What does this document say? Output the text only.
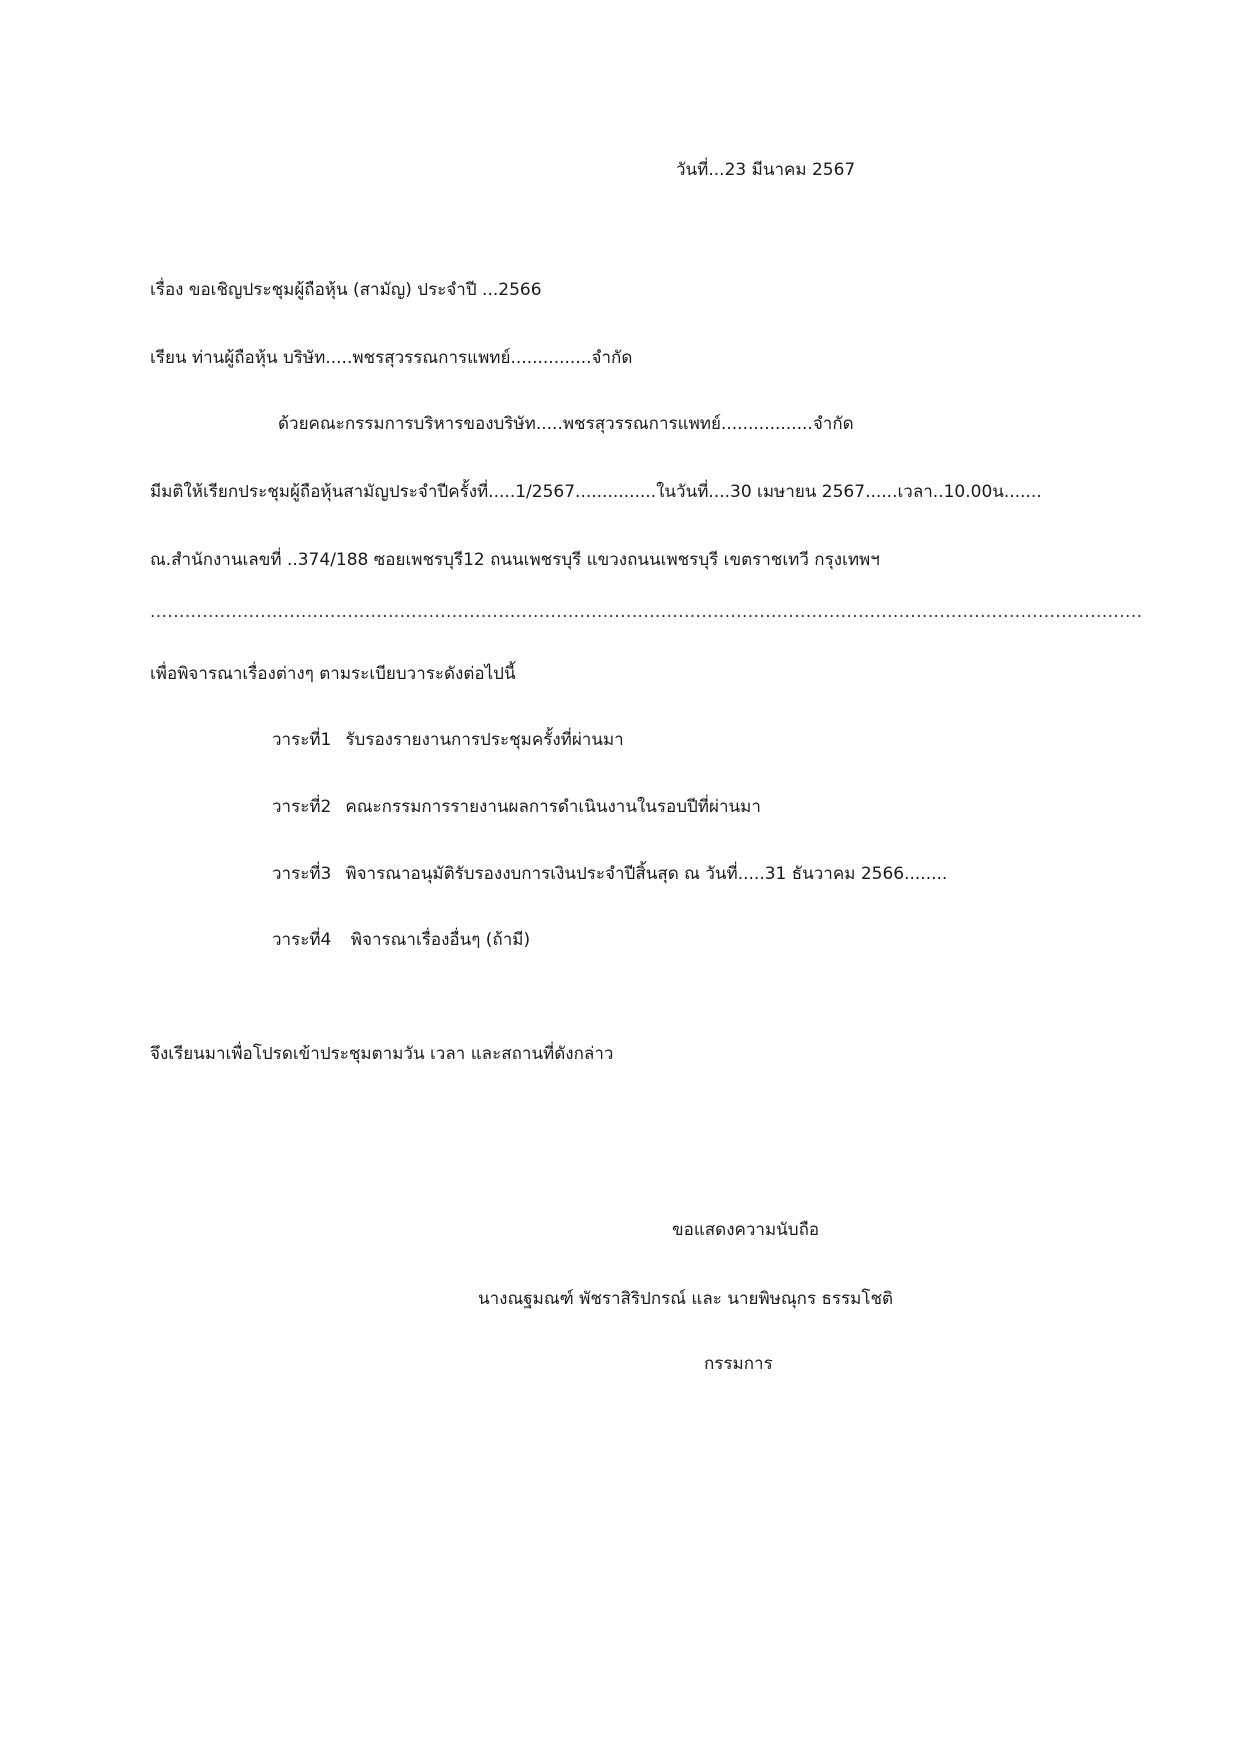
วันที่...23 มีนาคม 2567
เรื่อง ขอเชิญประชุมผู้ถือหุ้น (สามัญ) ประจำปี ...2566
เรียน ท่านผู้ถือหุ้น บริษัท.....พชรสุวรรณการแพทย์...............จำกัด
ด้วยคณะกรรมการบริหารของบริษัท.....พชรสุวรรณการแพทย์.................จำกัด
มีมติให้เรียกประชุมผู้ถือหุ้นสามัญประจำปีครั้งที่.....1/2567...............ในวันที่....30 เมษายน 2567......เวลา..10.00น.......
ณ.สำนักงานเลขที่ ..374/188 ซอยเพชรบุรี12 ถนนเพชรบุรี แขวงถนนเพชรบุรี เขตราชเทวี กรุงเทพฯ
...........................................................................................................................................................................
เพื่อพิจารณาเรื่องต่างๆ ตามระเบียบวาระดังต่อไปนี้
วาระที่1 รับรองรายงานการประชุมครั้งที่ผ่านมา
วาระที่2 คณะกรรมการรายงานผลการดำเนินงานในรอบปีที่ผ่านมา
วาระที่3 พิจารณาอนุมัติรับรองงบการเงินประจำปีสิ้นสุด ณ วันที่.....31 ธันวาคม 2566........
วาระที่4 พิจารณาเรื่องอื่นๆ (ถ้ามี)
จึงเรียนมาเพื่อโปรดเข้าประชุมตามวัน เวลา และสถานที่ดังกล่าว
ขอแสดงความนับถือ
นางณฐมณฑ์ พัชราสิริปกรณ์ และ นายพิษณุกร ธรรมโชติ
กรรมการ
